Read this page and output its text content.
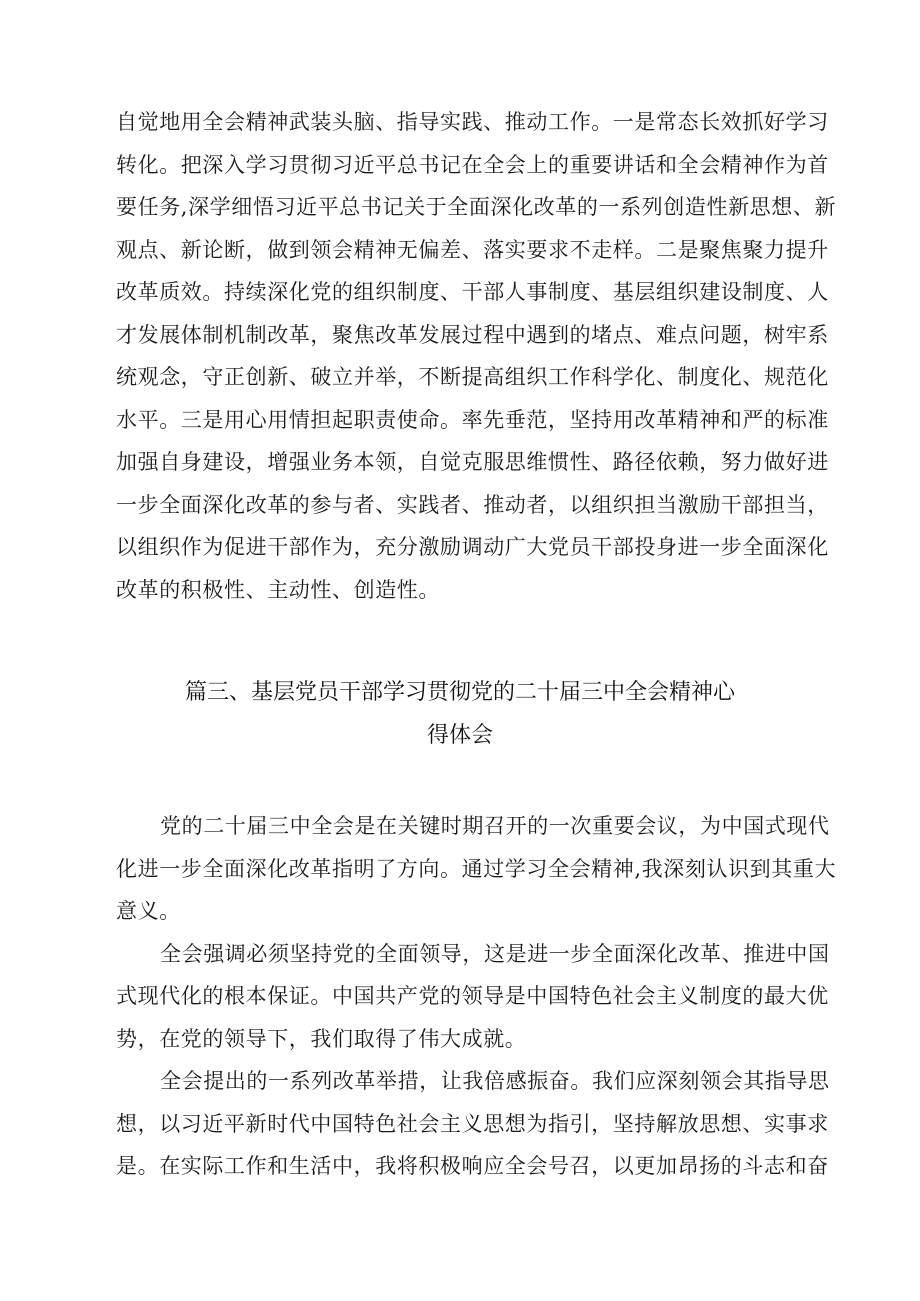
自觉地用全会精神武装头脑、指导实践、推动工作。一是常态长效抓好学习
转化。把深入学习贯彻习近平总书记在全会上的重要讲话和全会精神作为首
要任务,深学细悟习近平总书记关于全面深化改革的一系列创造性新思想、新
观点、新论断，做到领会精神无偏差、落实要求不走样。二是聚焦聚力提升
改革质效。持续深化党的组织制度、干部人事制度、基层组织建设制度、人
才发展体制机制改革，聚焦改革发展过程中遇到的堵点、难点问题，树牢系
统观念，守正创新、破立并举，不断提高组织工作科学化、制度化、规范化
水平。三是用心用情担起职责使命。率先垂范，坚持用改革精神和严的标准
加强自身建设，增强业务本领，自觉克服思维惯性、路径依赖，努力做好进
一步全面深化改革的参与者、实践者、推动者，以组织担当激励干部担当，
以组织作为促进干部作为，充分激励调动广大党员干部投身进一步全面深化
改革的积极性、主动性、创造性。
篇三、基层党员干部学习贯彻党的二十届三中全会精神心
得体会
党的二十届三中全会是在关键时期召开的一次重要会议，为中国式现代
化进一步全面深化改革指明了方向。通过学习全会精神,我深刻认识到其重大
意义。
全会强调必须坚持党的全面领导，这是进一步全面深化改革、推进中国
式现代化的根本保证。中国共产党的领导是中国特色社会主义制度的最大优
势，在党的领导下，我们取得了伟大成就。
全会提出的一系列改革举措，让我倍感振奋。我们应深刻领会其指导思
想，以习近平新时代中国特色社会主义思想为指引，坚持解放思想、实事求
是。在实际工作和生活中，我将积极响应全会号召，以更加昂扬的斗志和奋
